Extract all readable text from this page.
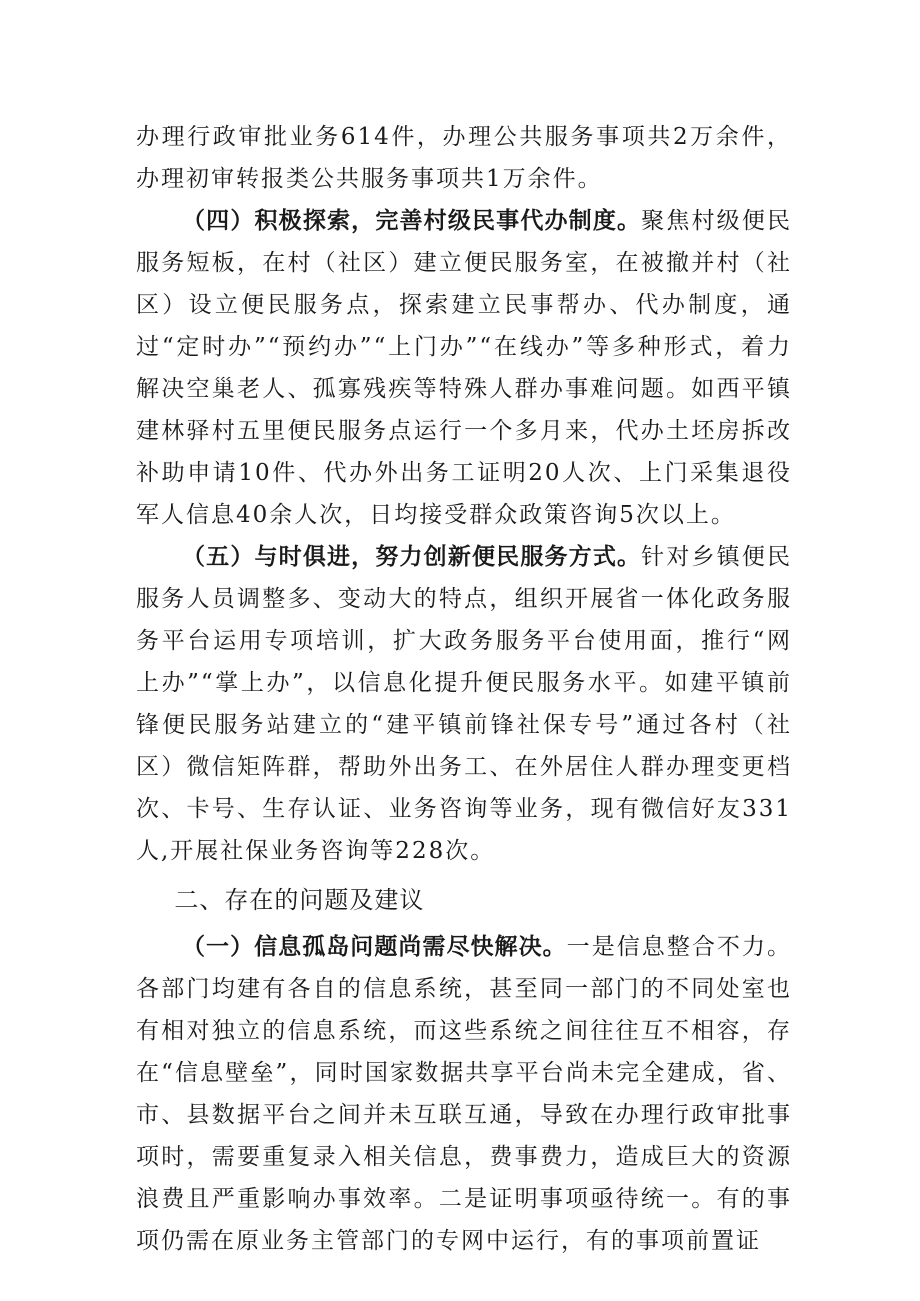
办理行政审批业务614件，办理公共服务事项共2万余件，办理初审转报类公共服务事项共1万余件。

（四）积极探索，完善村级民事代办制度。聚焦村级便民服务短板，在村（社区）建立便民服务室，在被撤并村（社区）设立便民服务点，探索建立民事帮办、代办制度，通过“定时办”“预约办”“上门办”“在线办”等多种形式，着力解决空巢老人、孤寡残疾等特殊人群办事难问题。如西平镇建林驿村五里便民服务点运行一个多月来，代办土坯房拆改补助申请10件、代办外出务工证明20人次、上门采集退役军人信息40余人次，日均接受群众政策咨询5次以上。

（五）与时俱进，努力创新便民服务方式。针对乡镇便民服务人员调整多、变动大的特点，组织开展省一体化政务服务平台运用专项培训，扩大政务服务平台使用面，推行“网上办”“掌上办”，以信息化提升便民服务水平。如建平镇前锋便民服务站建立的“建平镇前锋社保专号”通过各村（社区）微信矩阵群，帮助外出务工、在外居住人群办理变更档次、卡号、生存认证、业务咨询等业务，现有微信好友331人,开展社保业务咨询等228次。

二、存在的问题及建议

（一）信息孤岛问题尚需尽快解决。一是信息整合不力。各部门均建有各自的信息系统，甚至同一部门的不同处室也有相对独立的信息系统，而这些系统之间往往互不相容，存在“信息壁垒”，同时国家数据共享平台尚未完全建成，省、市、县数据平台之间并未互联互通，导致在办理行政审批事项时，需要重复录入相关信息，费事费力，造成巨大的资源浪费且严重影响办事效率。二是证明事项亟待统一。有的事项仍需在原业务主管部门的专网中运行，有的事项前置证
